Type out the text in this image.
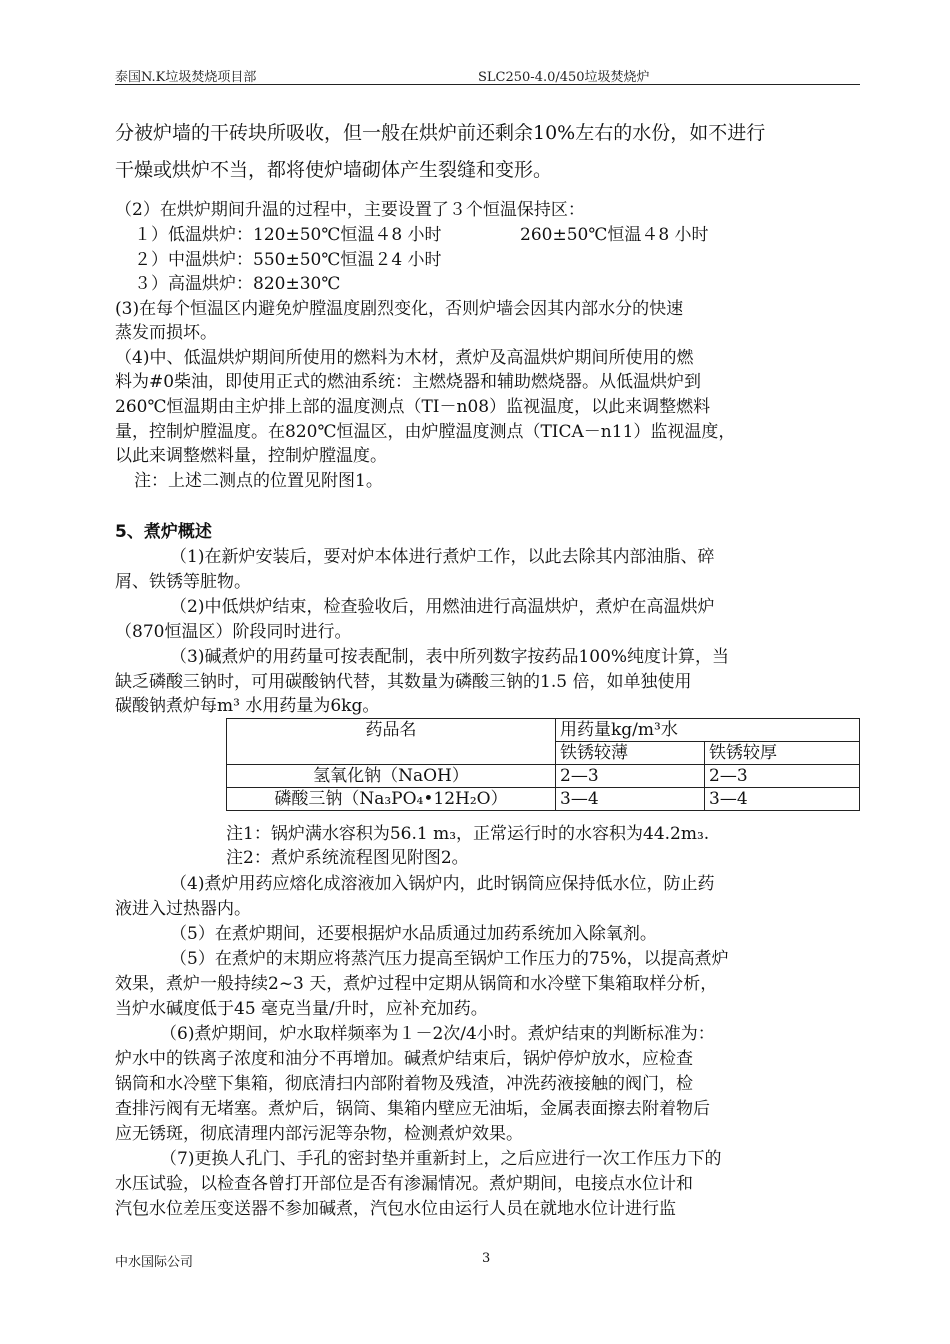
泰国N.K垃圾焚烧项目部	SLC250-4.0/450垃圾焚烧炉
分被炉墙的干砖块所吸收，但一般在烘炉前还剩余10%左右的水份，如不进行
干燥或烘炉不当，都将使炉墙砌体产生裂缝和变形。
（2）在烘炉期间升温的过程中，主要设置了３个恒温保持区：
１）低温烘炉：120±50℃恒温４8 小时	260±50℃恒温４8 小时
２）中温烘炉：550±50℃恒温２4 小时
３）高温烘炉：820±30℃
(3)在每个恒温区内避免炉膛温度剧烈变化，否则炉墙会因其内部水分的快速
蒸发而损坏。
（4)中、低温烘炉期间所使用的燃料为木材，煮炉及高温烘炉期间所使用的燃
料为#0柴油，即使用正式的燃油系统：主燃烧器和辅助燃烧器。从低温烘炉到
260℃恒温期由主炉排上部的温度测点（TI－n08）监视温度，以此来调整燃料
量，控制炉膛温度。在820℃恒温区，由炉膛温度测点（TICA－n11）监视温度，
以此来调整燃料量，控制炉膛温度。
注：上述二测点的位置见附图1。
5、煮炉概述
（1)在新炉安装后，要对炉本体进行煮炉工作，以此去除其内部油脂、碎
屑、铁锈等脏物。
（2)中低烘炉结束，检查验收后，用燃油进行高温烘炉，煮炉在高温烘炉
（870恒温区）阶段同时进行。
（3)碱煮炉的用药量可按表配制，表中所列数字按药品100%纯度计算，当
缺乏磷酸三钠时，可用碳酸钠代替，其数量为磷酸三钠的1.5 倍，如单独使用
碳酸钠煮炉每m³ 水用药量为6kg。
药品名	用药量kg/m³水	
	铁锈较薄	铁锈较厚
氢氧化钠（NaOH）	2—3	2—3
磷酸三钠（Na₃PO₄•12H₂O）	3—4	3—4
注1：锅炉满水容积为56.1 m₃，正常运行时的水容积为44.2m₃.
注2：煮炉系统流程图见附图2。
（4)煮炉用药应熔化成溶液加入锅炉内，此时锅筒应保持低水位，防止药
液进入过热器内。
（5）在煮炉期间，还要根据炉水品质通过加药系统加入除氧剂。
（5）在煮炉的末期应将蒸汽压力提高至锅炉工作压力的75%，以提高煮炉
效果，煮炉一般持续2~3 天，煮炉过程中定期从锅筒和水冷壁下集箱取样分析，
当炉水碱度低于45 毫克当量/升时，应补充加药。
（6)煮炉期间，炉水取样频率为１－2次/4小时。煮炉结束的判断标准为：
炉水中的铁离子浓度和油分不再增加。碱煮炉结束后，锅炉停炉放水，应检查
锅筒和水冷壁下集箱，彻底清扫内部附着物及残渣，冲洗药液接触的阀门，检
查排污阀有无堵塞。煮炉后，锅筒、集箱内壁应无油垢，金属表面擦去附着物后
应无锈斑，彻底清理内部污泥等杂物，检测煮炉效果。
（7)更换人孔门、手孔的密封垫并重新封上，之后应进行一次工作压力下的
水压试验，以检查各曾打开部位是否有渗漏情况。煮炉期间，电接点水位计和
汽包水位差压变送器不参加碱煮，汽包水位由运行人员在就地水位计进行监
中水国际公司	3
